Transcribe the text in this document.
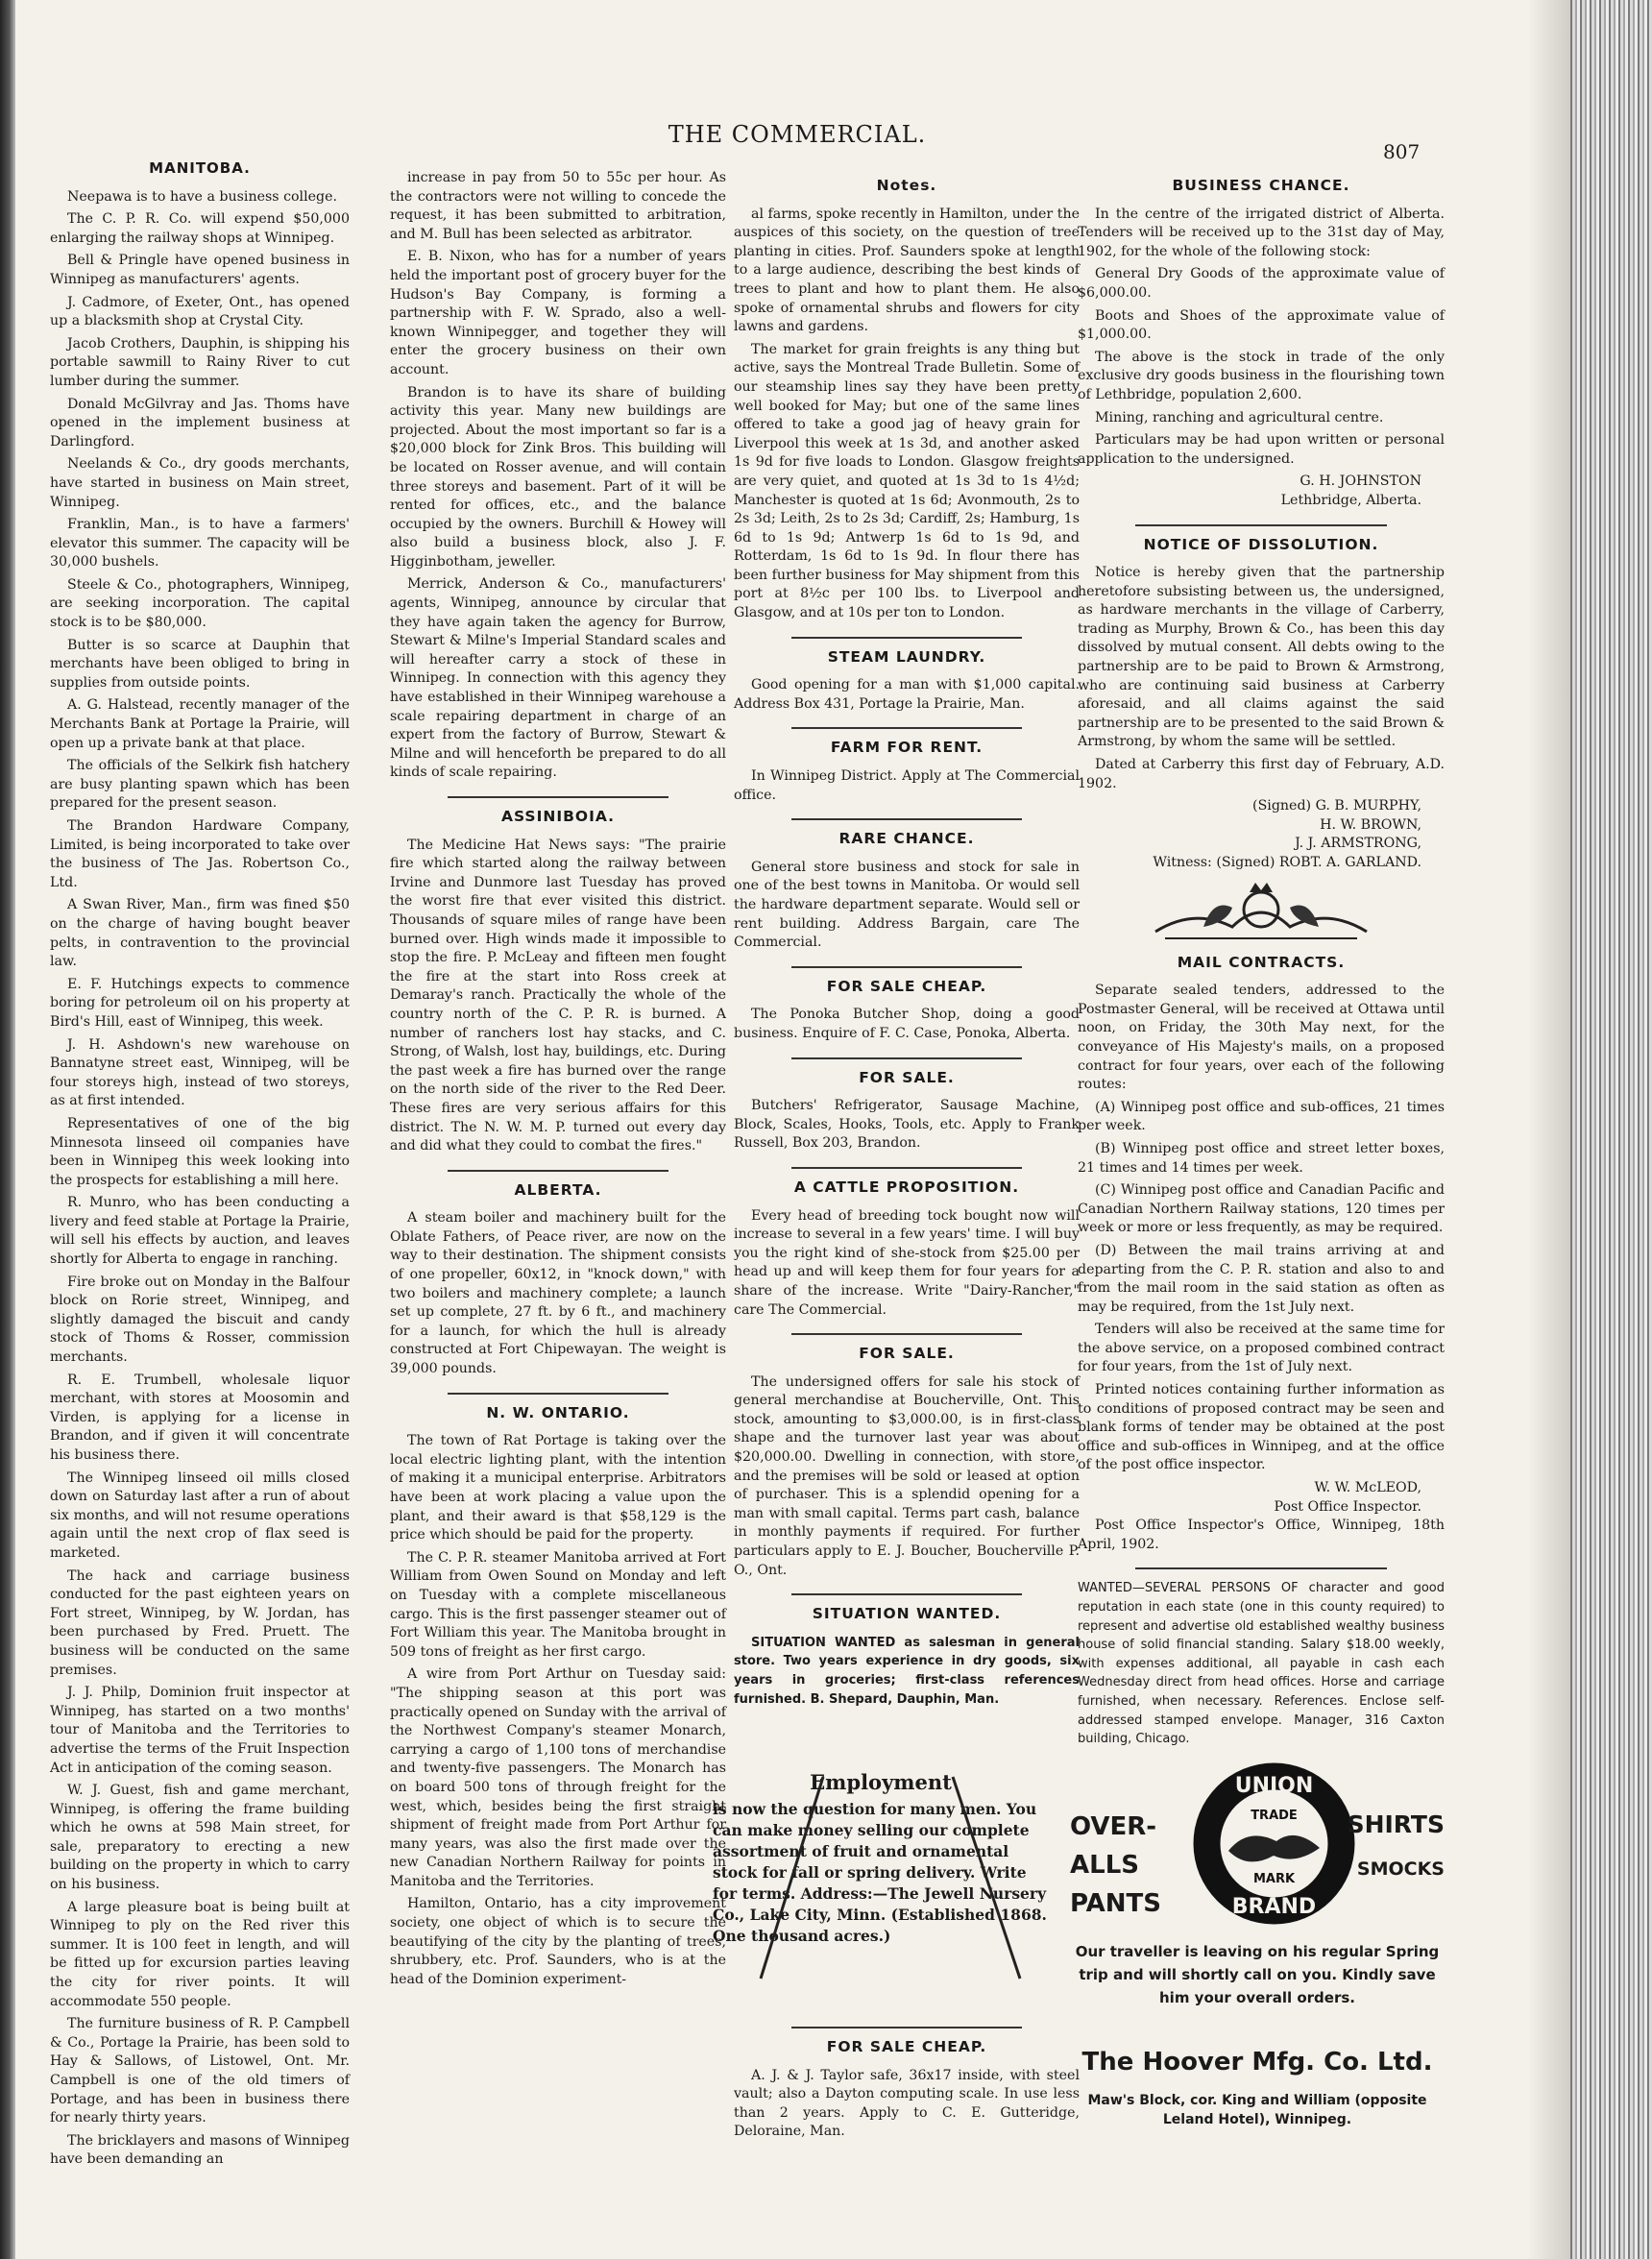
THE COMMERCIAL.
807
MANITOBA.

Neepawa is to have a business college.

The C. P. R. Co. will expend $50,000 enlarging the railway shops at Winnipeg.

Bell & Pringle have opened business in Winnipeg as manufacturers' agents.

J. Cadmore, of Exeter, Ont., has opened up a blacksmith shop at Crystal City.

Jacob Crothers, Dauphin, is shipping his portable sawmill to Rainy River to cut lumber during the summer.

Donald McGilvray and Jas. Thoms have opened in the implement business at Darlingford.

Neelands & Co., dry goods merchants, have started in business on Main street, Winnipeg.

Franklin, Man., is to have a farmers' elevator this summer. The capacity will be 30,000 bushels.

Steele & Co., photographers, Winnipeg, are seeking incorporation. The capital stock is to be $80,000.

Butter is so scarce at Dauphin that merchants have been obliged to bring in supplies from outside points.

A. G. Halstead, recently manager of the Merchants Bank at Portage la Prairie, will open up a private bank at that place.

The officials of the Selkirk fish hatchery are busy planting spawn which has been prepared for the present season.

The Brandon Hardware Company, Limited, is being incorporated to take over the business of The Jas. Robertson Co., Ltd.

A Swan River, Man., firm was fined $50 on the charge of having bought beaver pelts, in contravention to the provincial law.

E. F. Hutchings expects to commence boring for petroleum oil on his property at Bird's Hill, east of Winnipeg, this week.

J. H. Ashdown's new warehouse on Bannatyne street east, Winnipeg, will be four storeys high, instead of two storeys, as at first intended.

Representatives of one of the big Minnesota linseed oil companies have been in Winnipeg this week looking into the prospects for establishing a mill here.

R. Munro, who has been conducting a livery and feed stable at Portage la Prairie, will sell his effects by auction, and leaves shortly for Alberta to engage in ranching.

Fire broke out on Monday in the Balfour block on Rorie street, Winnipeg, and slightly damaged the biscuit and candy stock of Thoms & Rosser, commission merchants.

R. E. Trumbell, wholesale liquor merchant, with stores at Moosomin and Virden, is applying for a license in Brandon, and if given it will concentrate his business there.

The Winnipeg linseed oil mills closed down on Saturday last after a run of about six months, and will not resume operations again until the next crop of flax seed is marketed.

The hack and carriage business conducted for the past eighteen years on Fort street, Winnipeg, by W. Jordan, has been purchased by Fred. Pruett. The business will be conducted on the same premises.

J. J. Philp, Dominion fruit inspector at Winnipeg, has started on a two months' tour of Manitoba and the Territories to advertise the terms of the Fruit Inspection Act in anticipation of the coming season.

W. J. Guest, fish and game merchant, Winnipeg, is offering the frame building which he owns at 598 Main street, for sale, preparatory to erecting a new building on the property in which to carry on his business.

A large pleasure boat is being built at Winnipeg to ply on the Red river this summer. It is 100 feet in length, and will be fitted up for excursion parties leaving the city for river points. It will accommodate 550 people.

The furniture business of R. P. Campbell & Co., Portage la Prairie, has been sold to Hay & Sallows, of Listowel, Ont. Mr. Campbell is one of the old timers of Portage, and has been in business there for nearly thirty years.

The bricklayers and masons of Winnipeg have been demanding an

increase in pay from 50 to 55c per hour. As the contractors were not willing to concede the request, it has been submitted to arbitration, and M. Bull has been selected as arbitrator.

E. B. Nixon, who has for a number of years held the important post of grocery buyer for the Hudson's Bay Company, is forming a partnership with F. W. Sprado, also a well-known Winnipegger, and together they will enter the grocery business on their own account.

Brandon is to have its share of building activity this year. Many new buildings are projected. About the most important so far is a $20,000 block for Zink Bros. This building will be located on Rosser avenue, and will contain three storeys and basement. Part of it will be rented for offices, etc., and the balance occupied by the owners. Burchill & Howey will also build a business block, also J. F. Higginbotham, jeweller.

Merrick, Anderson & Co., manufacturers' agents, Winnipeg, announce by circular that they have again taken the agency for Burrow, Stewart & Milne's Imperial Standard scales and will hereafter carry a stock of these in Winnipeg. In connection with this agency they have established in their Winnipeg warehouse a scale repairing department in charge of an expert from the factory of Burrow, Stewart & Milne and will henceforth be prepared to do all kinds of scale repairing.

ASSINIBOIA.

The Medicine Hat News says: "The prairie fire which started along the railway between Irvine and Dunmore last Tuesday has proved the worst fire that ever visited this district. Thousands of square miles of range have been burned over. High winds made it impossible to stop the fire. P. McLeay and fifteen men fought the fire at the start into Ross creek at Demaray's ranch. Practically the whole of the country north of the C. P. R. is burned. A number of ranchers lost hay stacks, and C. Strong, of Walsh, lost hay, buildings, etc. During the past week a fire has burned over the range on the north side of the river to the Red Deer. These fires are very serious affairs for this district. The N. W. M. P. turned out every day and did what they could to combat the fires."

ALBERTA.

A steam boiler and machinery built for the Oblate Fathers, of Peace river, are now on the way to their destination. The shipment consists of one propeller, 60x12, in "knock down," with two boilers and machinery complete; a launch set up complete, 27 ft. by 6 ft., and machinery for a launch, for which the hull is already constructed at Fort Chipewayan. The weight is 39,000 pounds.

N. W. ONTARIO.

The town of Rat Portage is taking over the local electric lighting plant, with the intention of making it a municipal enterprise. Arbitrators have been at work placing a value upon the plant, and their award is that $58,129 is the price which should be paid for the property.

The C. P. R. steamer Manitoba arrived at Fort William from Owen Sound on Monday and left on Tuesday with a complete miscellaneous cargo. This is the first passenger steamer out of Fort William this year. The Manitoba brought in 509 tons of freight as her first cargo.

A wire from Port Arthur on Tuesday said: "The shipping season at this port was practically opened on Sunday with the arrival of the Northwest Company's steamer Monarch, carrying a cargo of 1,100 tons of merchandise and twenty-five passengers. The Monarch has on board 500 tons of through freight for the west, which, besides being the first straight shipment of freight made from Port Arthur for many years, was also the first made over the new Canadian Northern Railway for points in Manitoba and the Territories.

Hamilton, Ontario, has a city improvement society, one object of which is to secure the beautifying of the city by the planting of trees, shrubbery, etc. Prof. Saunders, who is at the head of the Dominion experiment-

Notes.

al farms, spoke recently in Hamilton, under the auspices of this society, on the question of tree planting in cities. Prof. Saunders spoke at length to a large audience, describing the best kinds of trees to plant and how to plant them. He also spoke of ornamental shrubs and flowers for city lawns and gardens.

The market for grain freights is any thing but active, says the Montreal Trade Bulletin. Some of our steamship lines say they have been pretty well booked for May; but one of the same lines offered to take a good jag of heavy grain for Liverpool this week at 1s 3d, and another asked 1s 9d for five loads to London. Glasgow freights are very quiet, and quoted at 1s 3d to 1s 4½d; Manchester is quoted at 1s 6d; Avonmouth, 2s to 2s 3d; Leith, 2s to 2s 3d; Cardiff, 2s; Hamburg, 1s 6d to 1s 9d; Antwerp 1s 6d to 1s 9d, and Rotterdam, 1s 6d to 1s 9d. In flour there has been further business for May shipment from this port at 8½c per 100 lbs. to Liverpool and Glasgow, and at 10s per ton to London.

STEAM LAUNDRY.

Good opening for a man with $1,000 capital. Address Box 431, Portage la Prairie, Man.

FARM FOR RENT.

In Winnipeg District. Apply at The Commercial office.

RARE CHANCE.

General store business and stock for sale in one of the best towns in Manitoba. Or would sell the hardware department separate. Would sell or rent building. Address Bargain, care The Commercial.

FOR SALE CHEAP.

The Ponoka Butcher Shop, doing a good business. Enquire of F. C. Case, Ponoka, Alberta.

FOR SALE.

Butchers' Refrigerator, Sausage Machine, Block, Scales, Hooks, Tools, etc. Apply to Frank Russell, Box 203, Brandon.

A CATTLE PROPOSITION.

Every head of breeding tock bought now will increase to several in a few years' time. I will buy you the right kind of she-stock from $25.00 per head up and will keep them for four years for a share of the increase. Write "Dairy-Rancher," care The Commercial.

FOR SALE.

The undersigned offers for sale his stock of general merchandise at Boucherville, Ont. This stock, amounting to $3,000.00, is in first-class shape and the turnover last year was about $20,000.00. Dwelling in connection, with store, and the premises will be sold or leased at option of purchaser. This is a splendid opening for a man with small capital. Terms part cash, balance in monthly payments if required. For further particulars apply to E. J. Boucher, Boucherville P. O., Ont.

SITUATION WANTED.

SITUATION WANTED as salesman in general store. Two years experience in dry goods, six years in groceries; first-class references furnished. B. Shepard, Dauphin, Man.

Employment
is now the question for many men. You can make money selling our complete assortment of fruit and ornamental stock for fall or spring delivery. Write for terms. Address:—The Jewell Nursery Co., Lake City, Minn. (Established 1868. One thousand acres.)
FOR SALE CHEAP.

A. J. & J. Taylor safe, 36x17 inside, with steel vault; also a Dayton computing scale. In use less than 2 years. Apply to C. E. Gutteridge, Deloraine, Man.

BUSINESS CHANCE.

In the centre of the irrigated district of Alberta. Tenders will be received up to the 31st day of May, 1902, for the whole of the following stock:

General Dry Goods of the approximate value of $6,000.00.

Boots and Shoes of the approximate value of $1,000.00.

The above is the stock in trade of the only exclusive dry goods business in the flourishing town of Lethbridge, population 2,600.

Mining, ranching and agricultural centre.

Particulars may be had upon written or personal application to the undersigned.

G. H. JOHNSTON
Lethbridge, Alberta.
NOTICE OF DISSOLUTION.

Notice is hereby given that the partnership heretofore subsisting between us, the undersigned, as hardware merchants in the village of Carberry, trading as Murphy, Brown & Co., has been this day dissolved by mutual consent. All debts owing to the partnership are to be paid to Brown & Armstrong, who are continuing said business at Carberry aforesaid, and all claims against the said partnership are to be presented to the said Brown & Armstrong, by whom the same will be settled.

Dated at Carberry this first day of February, A.D. 1902.

(Signed) G. B. MURPHY,
H. W. BROWN,
J. J. ARMSTRONG,
Witness: (Signed) ROBT. A. GARLAND.
MAIL CONTRACTS.

Separate sealed tenders, addressed to the Postmaster General, will be received at Ottawa until noon, on Friday, the 30th May next, for the conveyance of His Majesty's mails, on a proposed contract for four years, over each of the following routes:

(A) Winnipeg post office and sub-offices, 21 times per week.

(B) Winnipeg post office and street letter boxes, 21 times and 14 times per week.

(C) Winnipeg post office and Canadian Pacific and Canadian Northern Railway stations, 120 times per week or more or less frequently, as may be required.

(D) Between the mail trains arriving at and departing from the C. P. R. station and also to and from the mail room in the said station as often as may be required, from the 1st July next.

Tenders will also be received at the same time for the above service, on a proposed combined contract for four years, from the 1st of July next.

Printed notices containing further information as to conditions of proposed contract may be seen and blank forms of tender may be obtained at the post office and sub-offices in Winnipeg, and at the office of the post office inspector.

W. W. McLEOD,
Post Office Inspector.

Post Office Inspector's Office, Winnipeg, 18th April, 1902.

WANTED—SEVERAL PERSONS OF character and good reputation in each state (one in this county required) to represent and advertise old established wealthy business house of solid financial standing. Salary $18.00 weekly, with expenses additional, all payable in cash each Wednesday direct from head offices. Horse and carriage furnished, when necessary. References. Enclose self-addressed stamped envelope. Manager, 316 Caxton building, Chicago.

OVER-
ALLS
PANTS
UNION
BRAND
TRADE
MARK
SHIRTS
SMOCKS
Our traveller is leaving on his regular Spring trip and will shortly call on you. Kindly save him your overall orders.
The Hoover Mfg. Co. Ltd.
Maw's Block, cor. King and William (opposite Leland Hotel), Winnipeg.
